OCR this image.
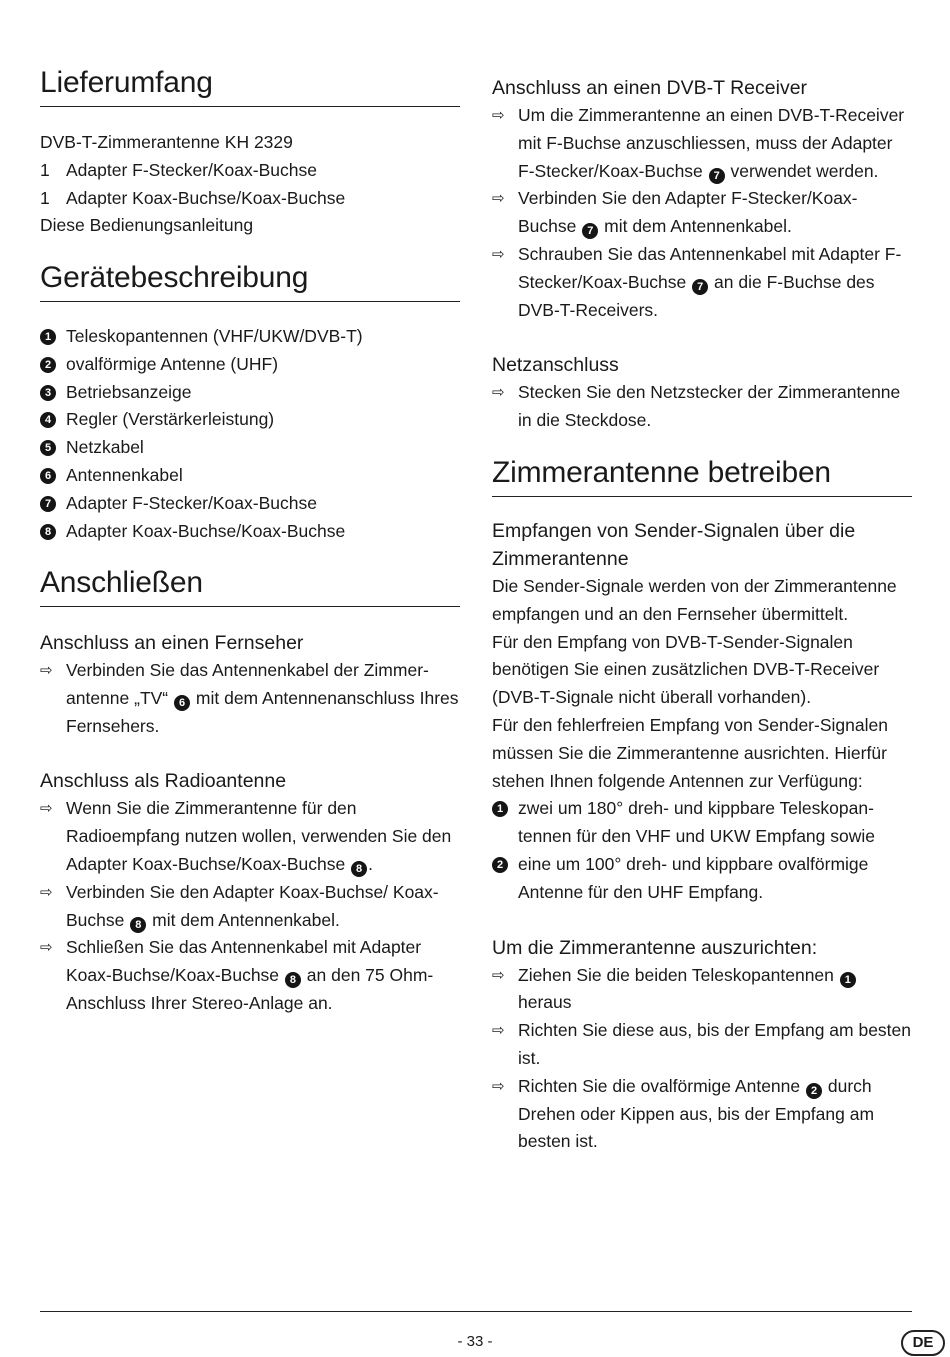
Lieferumfang

DVB-T-Zimmerantenne KH 2329

1 Adapter F-Stecker/Koax-Buchse
1 Adapter Koax-Buchse/Koax-Buchse

Diese Bedienungsanleitung

Gerätebeschreibung
1 Teleskopantennen (VHF/UKW/DVB-T)
2 ovalförmige Antenne (UHF)
3 Betriebsanzeige
4 Regler (Verstärkerleistung)
5 Netzkabel
6 Antennenkabel
7 Adapter F-Stecker/Koax-Buchse
8 Adapter Koax-Buchse/Koax-Buchse
Anschließen
Anschluss an einen Fernseher
⇨ Verbinden Sie das Antennenkabel der Zimmer-antenne „TV“ 6 mit dem Antennenanschluss Ihres Fernsehers.
Anschluss als Radioantenne
⇨ Wenn Sie die Zimmerantenne für den Radioempfang nutzen wollen, verwenden Sie den Adapter Koax-Buchse/Koax-Buchse 8 .
⇨ Verbinden Sie den Adapter Koax-Buchse/ Koax-Buchse 8 mit dem Antennenkabel.
⇨ Schließen Sie das Antennenkabel mit Adapter Koax-Buchse/Koax-Buchse 8 an den 75 Ohm-Anschluss Ihrer Stereo-Anlage an.
Anschluss an einen DVB-T Receiver
⇨ Um die Zimmerantenne an einen DVB-T-Receiver mit F-Buchse anzuschliessen, muss der Adapter F-Stecker/Koax-Buchse 7 verwendet werden.
⇨ Verbinden Sie den Adapter F-Stecker/Koax-Buchse 7 mit dem Antennenkabel.
⇨ Schrauben Sie das Antennenkabel mit Adapter F-Stecker/Koax-Buchse 7 an die F-Buchse des DVB-T-Receivers.
Netzanschluss
⇨ Stecken Sie den Netzstecker der Zimmerantenne in die Steckdose.
Zimmerantenne betreiben
Empfangen von Sender-Signalen über die Zimmerantenne

Die Sender-Signale werden von der Zimmerantenne empfangen und an den Fernseher übermittelt.

Für den Empfang von DVB-T-Sender-Signalen benötigen Sie einen zusätzlichen DVB-T-Receiver (DVB-T-Signale nicht überall vorhanden).

Für den fehlerfreien Empfang von Sender-Signalen müssen Sie die Zimmerantenne ausrichten. Hierfür stehen Ihnen folgende Antennen zur Verfügung:

1 zwei um 180° dreh- und kippbare Teleskopan-tennen für den VHF und UKW Empfang sowie
2 eine um 100° dreh- und kippbare ovalförmige Antenne für den UHF Empfang.
Um die Zimmerantenne auszurichten:
⇨ Ziehen Sie die beiden Teleskopantennen 1 heraus
⇨ Richten Sie diese aus, bis der Empfang am besten ist.
⇨ Richten Sie die ovalförmige Antenne 2 durch Drehen oder Kippen aus, bis der Empfang am besten ist.
- 33 -	DE
